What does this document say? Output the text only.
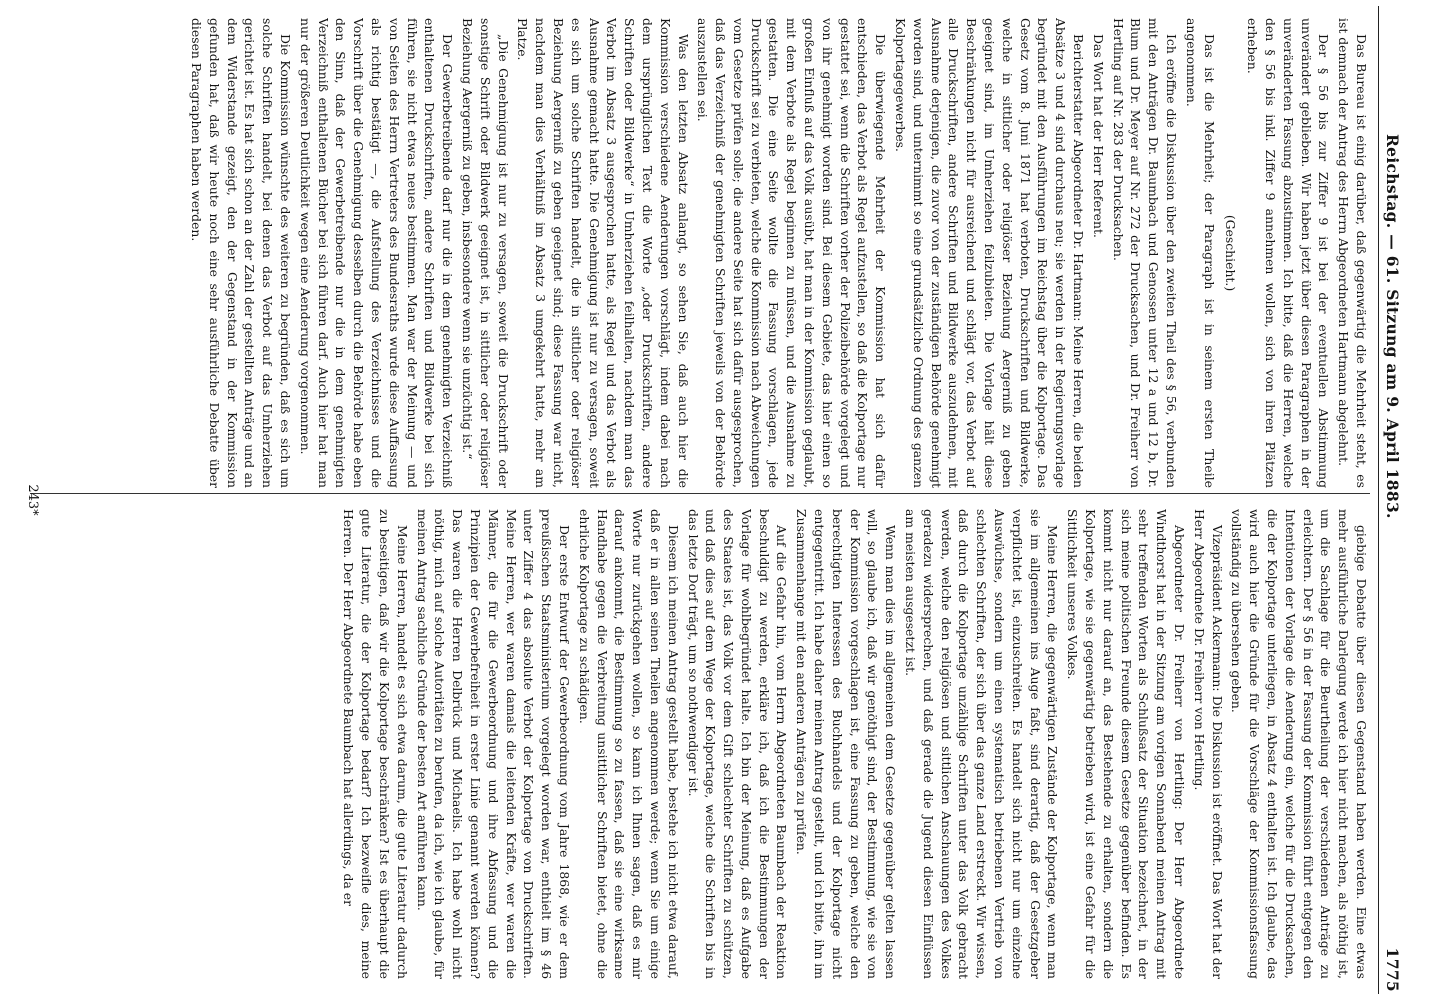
Reichstag. — 61. Sitzung am 9. April 1883.
1775

Das Bureau ist einig darüber, daß gegenwärtig die Mehrheit steht, es ist demnach der Antrag des Herrn Abgeordneten Hartmann abgelehnt.

Der § 56 bis zur Ziffer 9 ist bei der eventuellen Abstimmung unverändert geblieben. Wir haben jetzt über diesen Paragraphen in der unveränderten Fassung abzustimmen. Ich bitte, daß die Herren, welche den § 56 bis inkl. Ziffer 9 annehmen wollen, sich von ihren Plätzen erheben.

(Geschieht.)

Das ist die Mehrheit; der Paragraph ist in seinem ersten Theile angenommen.

Ich eröffne die Diskussion über den zweiten Theil des § 56, verbunden mit den Anträgen Dr. Baumbach und Genossen unter 12 a und 12 b, Dr. Blum und Dr. Meyer auf Nr. 272 der Drucksachen, und Dr. Freiherr von Hertling auf Nr. 283 der Drucksachen.

Das Wort hat der Herr Referent.

Berichterstatter Abgeordneter Dr. Hartmann: Meine Herren, die beiden Absätze 3 und 4 sind durchaus neu; sie werden in der Regierungsvorlage begründet mit den Ausführungen im Reichstag über die Kolportage. Das Gesetz vom 8. Juni 1871 hat verboten, Druckschriften und Bildwerke, welche in sittlicher oder religiöser Beziehung Aergerniß zu geben geeignet sind, im Umherziehen feilzubieten. Die Vorlage hält diese Beschränkungen nicht für ausreichend und schlägt vor, das Verbot auf alle Druckschriften, andere Schriften und Bildwerke auszudehnen, mit Ausnahme derjenigen, die zuvor von der zuständigen Behörde genehmigt worden sind, und unternimmt so eine grundsätzliche Ordnung des ganzen Kolportagegewerbes.

Die überwiegende Mehrheit der Kommission hat sich dafür entschieden, das Verbot als Regel aufzustellen, so daß die Kolportage nur gestattet sei, wenn die Schriften vorher der Polizeibehörde vorgelegt und von ihr genehmigt worden sind. Bei diesem Gebiete, das hier einen so großen Einfluß auf das Volk ausübt, hat man in der Kommission geglaubt, mit dem Verbote als Regel beginnen zu müssen, und die Ausnahme zu gestatten. Die eine Seite wollte die Fassung vorschlagen, jede Druckschrift sei zu verbieten, welche die Kommission nach Abweichungen vom Gesetze prüfen solle; die andere Seite hat sich dafür ausgesprochen, daß das Verzeichniß der genehmigten Schriften jeweils von der Behörde auszustellen sei.

Was den letzten Absatz anlangt, so sehen Sie, daß auch hier die Kommission verschiedene Aenderungen vorschlägt, indem dabei nach dem ursprünglichen Text die Worte „oder Druckschriften, andere Schriften oder Bildwerke“ in Umherziehen feilhalten, nachdem man das Verbot im Absatz 3 ausgesprochen hatte, als Regel und das Verbot als Ausnahme gemacht hatte. Die Genehmigung ist nur zu versagen, soweit es sich um solche Schriften handelt, die in sittlicher oder religiöser Beziehung Aergerniß zu geben geeignet sind; diese Fassung war nicht, nachdem man dies Verhältniß im Absatz 3 umgekehrt hatte, mehr am Platze.

„Die Genehmigung ist nur zu versagen, soweit die Druckschrift oder sonstige Schrift oder Bildwerk geeignet ist, in sittlicher oder religiöser Beziehung Aergerniß zu geben, insbesondere wenn sie unzüchtig ist.“

Der Gewerbetreibende darf nur die in dem genehmigten Verzeichniß enthaltenen Druckschriften, andere Schriften und Bildwerke bei sich führen, sie nicht etwas neues bestimmen. Man war der Meinung — und von Seiten des Herrn Vertreters des Bundesraths wurde diese Auffassung als richtig bestätigt —, die Aufstellung des Verzeichnisses und die Vorschrift über die Genehmigung desselben durch die Behörde habe eben den Sinn, daß der Gewerbetreibende nur die in dem genehmigten Verzeichniß enthaltenen Bücher bei sich führen darf. Auch hier hat man nur der größeren Deutlichkeit wegen eine Aenderung vorgenommen.

Die Kommission wünschte des weiteren zu begründen, daß es sich um solche Schriften handelt, bei denen das Verbot auf das Umherziehen gerichtet ist. Es hat sich schon an der Zahl der gestellten Anträge und an dem Widerstande gezeigt, den der Gegenstand in der Kommission gefunden hat, daß wir heute noch eine sehr ausführliche Debatte über diesen Paragraphen haben werden.

giebige Debatte über diesen Gegenstand haben werden. Eine etwas mehr ausführliche Darlegung werde ich hier nicht machen, als nöthig ist, um die Sachlage für die Beurtheilung der verschiedenen Anträge zu erleichtern. Der § 56 in der Fassung der Kommission führt entgegen den Intentionen der Vorlage die Aenderung ein, welche für die Drucksachen, die der Kolportage unterliegen, in Absatz 4 enthalten ist. Ich glaube, das wird auch hier die Gründe für die Vorschläge der Kommissionsfassung vollständig zu übersehen geben.

Vizepräsident Ackermann: Die Diskussion ist eröffnet. Das Wort hat der Herr Abgeordnete Dr. Freiherr von Hertling.

Abgeordneter Dr. Freiherr von Hertling: Der Herr Abgeordnete Windthorst hat in der Sitzung am vorigen Sonnabend meinen Antrag mit sehr treffenden Worten als Schlußsatz der Situation bezeichnet, in der sich meine politischen Freunde diesem Gesetze gegenüber befinden. Es kommt nicht nur darauf an, das Bestehende zu erhalten, sondern die Kolportage, wie sie gegenwärtig betrieben wird, ist eine Gefahr für die Sittlichkeit unseres Volkes.

Meine Herren, die gegenwärtigen Zustände der Kolportage, wenn man sie im allgemeinen ins Auge faßt, sind derartig, daß der Gesetzgeber verpflichtet ist, einzuschreiten. Es handelt sich nicht nur um einzelne Auswüchse, sondern um einen systematisch betriebenen Vertrieb von schlechten Schriften, der sich über das ganze Land erstreckt. Wir wissen, daß durch die Kolportage unzählige Schriften unter das Volk gebracht werden, welche den religiösen und sittlichen Anschauungen des Volkes geradezu widersprechen, und daß gerade die Jugend diesen Einflüssen am meisten ausgesetzt ist.

Wenn man dies im allgemeinen dem Gesetze gegenüber gelten lassen will, so glaube ich, daß wir genöthigt sind, der Bestimmung, wie sie von der Kommission vorgeschlagen ist, eine Fassung zu geben, welche den berechtigten Interessen des Buchhandels und der Kolportage nicht entgegentritt. Ich habe daher meinen Antrag gestellt, und ich bitte, ihn im Zusammenhange mit den anderen Anträgen zu prüfen.

Auf die Gefahr hin, vom Herrn Abgeordneten Baumbach der Reaktion beschuldigt zu werden, erkläre ich, daß ich die Bestimmungen der Vorlage für wohlbegründet halte. Ich bin der Meinung, daß es Aufgabe des Staates ist, das Volk vor dem Gift schlechter Schriften zu schützen, und daß dies auf dem Wege der Kolportage, welche die Schriften bis in das letzte Dorf trägt, um so nothwendiger ist.

Diesem ich meinen Antrag gestellt habe, bestehe ich nicht etwa darauf, daß er in allen seinen Theilen angenommen werde; wenn Sie um einige Worte nur zurückgehen wollen, so kann ich Ihnen sagen, daß es mir darauf ankommt, die Bestimmung so zu fassen, daß sie eine wirksame Handhabe gegen die Verbreitung unsittlicher Schriften bietet, ohne die ehrliche Kolportage zu schädigen.

Der erste Entwurf der Gewerbeordnung vom Jahre 1868, wie er dem preußischen Staatsministerium vorgelegt worden war, enthielt im § 46 unter Ziffer 4 das absolute Verbot der Kolportage von Druckschriften. Meine Herren, wer waren damals die leitenden Kräfte, wer waren die Männer, die für die Gewerbeordnung und ihre Abfassung und die Prinzipien der Gewerbefreiheit in erster Linie genannt werden können? Das waren die Herren Delbrück und Michaelis. Ich habe wohl nicht nöthig, mich auf solche Autoritäten zu berufen, da ich, wie ich glaube, für meinen Antrag sachliche Gründe der besten Art anführen kann.

Meine Herren, handelt es sich etwa darum, die gute Literatur dadurch zu beseitigen, daß wir die Kolportage beschränken? Ist es überhaupt die gute Literatur, die der Kolportage bedarf? Ich bezweifle dies, meine Herren. Der Herr Abgeordnete Baumbach hat allerdings, da er

243*
